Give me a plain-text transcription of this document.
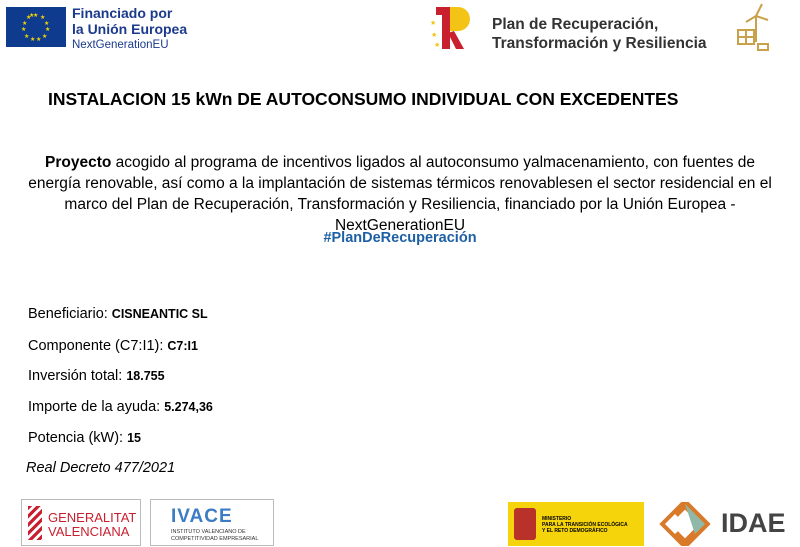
★ ★
★
★
★
★
★
★
★
★
★
★	Financiado por
la Unión Europea
NextGenerationEU
★
★
★
Plan de Recuperación,
Transformación y Resiliencia
INSTALACION 15 kWn DE AUTOCONSUMO INDIVIDUAL CON EXCEDENTES
Proyecto acogido al programa de incentivos ligados al autoconsumo yalmacenamiento, con fuentes de energía renovable, así como a la implantación de sistemas térmicos renovablesen el sector residencial en el marco del Plan de Recuperación, Transformación y Resiliencia, financiado por la Unión Europea - NextGenerationEU
#PlanDeRecuperación
Beneficiario: CISNEANTIC SL
Componente (C7:I1): C7:I1
Inversión total: 18.755
Importe de la ayuda: 5.274,36
Potencia (kW): 15
Real Decreto 477/2021
GENERALITAT
VALENCIANA
IVACE
INSTITUTO VALENCIANO DE
COMPETITIVIDAD EMPRESARIAL
MINISTERIO
PARA LA TRANSICIÓN ECOLÓGICA
Y EL RETO DEMOGRÁFICO	IDAE
